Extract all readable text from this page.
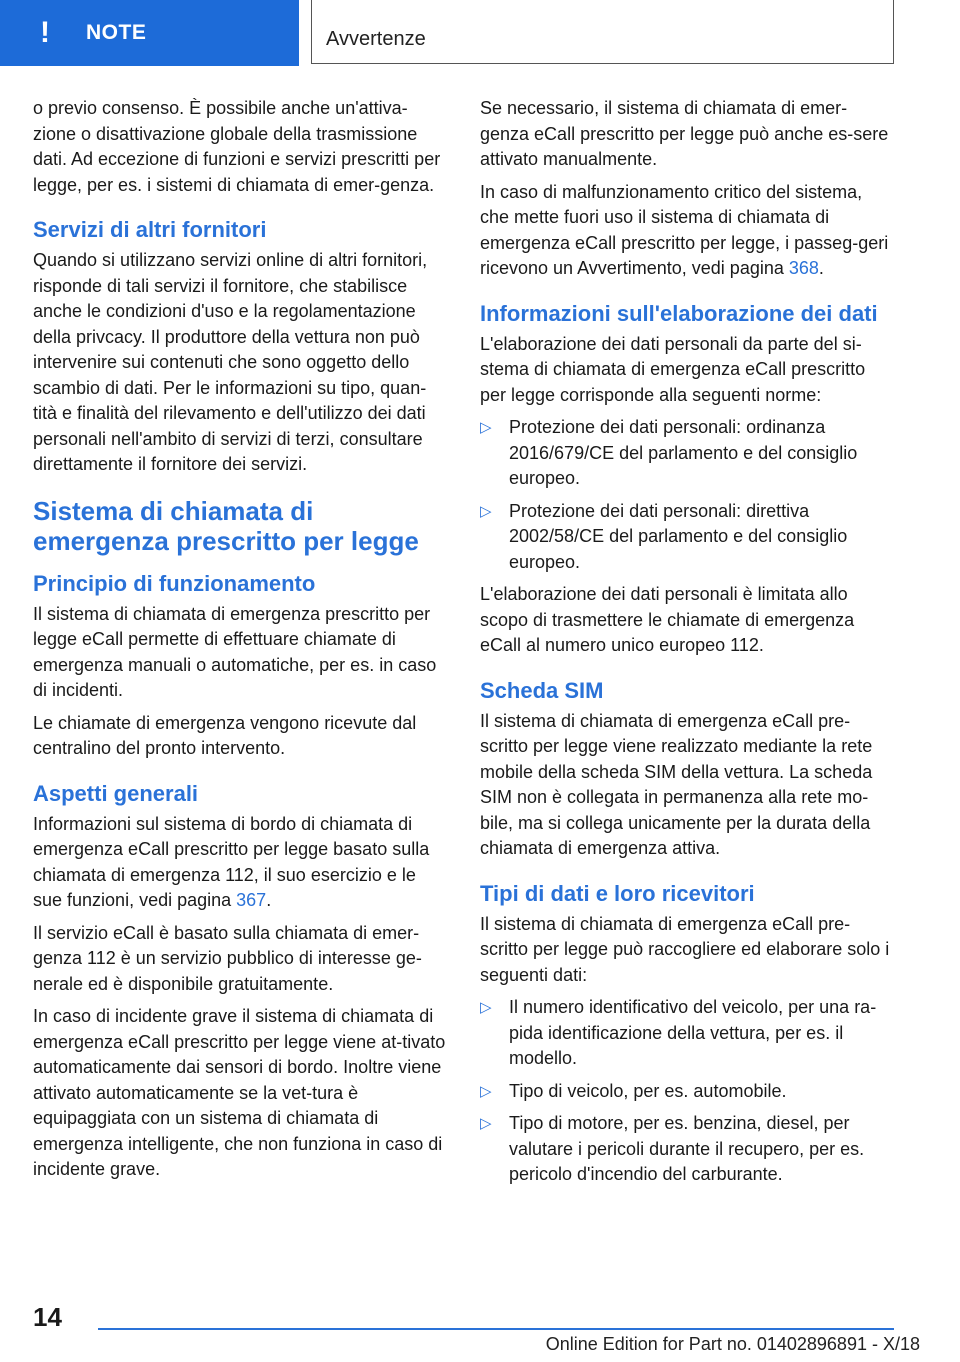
!	NOTE	Avvertenze

o previo consenso. È possibile anche un'attiva‐zione o disattivazione globale della trasmissione dati. Ad eccezione di funzioni e servizi prescritti per legge, per es. i sistemi di chiamata di emer‐genza.

Servizi di altri fornitori

Quando si utilizzano servizi online di altri fornitori, risponde di tali servizi il fornitore, che stabilisce anche le condizioni d'uso e la regolamentazione della privcacy. Il produttore della vettura non può intervenire sui contenuti che sono oggetto dello scambio di dati. Per le informazioni su tipo, quan‐tità e finalità del rilevamento e dell'utilizzo dei dati personali nell'ambito di servizi di terzi, consultare direttamente il fornitore dei servizi.

Sistema di chiamata di emergenza prescritto per legge
Principio di funzionamento

Il sistema di chiamata di emergenza prescritto per legge eCall permette di effettuare chiamate di emergenza manuali o automatiche, per es. in caso di incidenti.

Le chiamate di emergenza vengono ricevute dal centralino del pronto intervento.

Aspetti generali

Informazioni sul sistema di bordo di chiamata di emergenza eCall prescritto per legge basato sulla chiamata di emergenza 112, il suo esercizio e le sue funzioni, vedi pagina 367.

Il servizio eCall è basato sulla chiamata di emer‐genza 112 è un servizio pubblico di interesse ge‐nerale ed è disponibile gratuitamente.

In caso di incidente grave il sistema di chiamata di emergenza eCall prescritto per legge viene at‐tivato automaticamente dai sensori di bordo. Inoltre viene attivato automaticamente se la vet‐tura è equipaggiata con un sistema di chiamata di emergenza intelligente, che non funziona in caso di incidente grave.

Se necessario, il sistema di chiamata di emer‐genza eCall prescritto per legge può anche es‐sere attivato manualmente.

In caso di malfunzionamento critico del sistema, che mette fuori uso il sistema di chiamata di emergenza eCall prescritto per legge, i passeg‐geri ricevono un Avvertimento, vedi pagina 368.

Informazioni sull'elaborazione dei dati

L'elaborazione dei dati personali da parte del si‐stema di chiamata di emergenza eCall prescritto per legge corrisponde alla seguenti norme:

▷ Protezione dei dati personali: ordinanza 2016/679/CE del parlamento e del consiglio europeo.
▷ Protezione dei dati personali: direttiva 2002/58/CE del parlamento e del consiglio europeo.

L'elaborazione dei dati personali è limitata allo scopo di trasmettere le chiamate di emergenza eCall al numero unico europeo 112.

Scheda SIM

Il sistema di chiamata di emergenza eCall pre‐scritto per legge viene realizzato mediante la rete mobile della scheda SIM della vettura. La scheda SIM non è collegata in permanenza alla rete mo‐bile, ma si collega unicamente per la durata della chiamata di emergenza attiva.

Tipi di dati e loro ricevitori

Il sistema di chiamata di emergenza eCall pre‐scritto per legge può raccogliere ed elaborare solo i seguenti dati:

▷ Il numero identificativo del veicolo, per una ra‐pida identificazione della vettura, per es. il modello.
▷ Tipo di veicolo, per es. automobile.
▷ Tipo di motore, per es. benzina, diesel, per valutare i pericoli durante il recupero, per es. pericolo d'incendio del carburante.
14
Online Edition for Part no. 01402896891 - X/18
